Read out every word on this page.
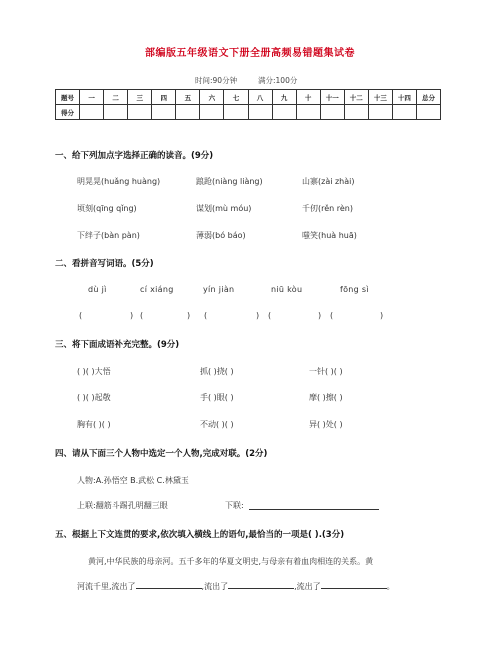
部编版五年级语文下册全册高频易错题集试卷
时间:90分钟	满分:100分
题号	一	二	三	四	五	六	七	八	九	十	十一	十二	十三	十四	总分
得分															
一、给下列加点字选择正确的读音。(9分)
明晃晃(huǎng huàng)	踉跄(niàng liàng)	山寨(zài zhài)
顷刻(qīng qǐng)	谋划(mù móu)	千仞(rěn rèn)
下绊子(bàn pàn)	薄弱(bó báo)	嗤笑(huà huā)
二、看拼音写词语。(5分)
dù jì	cí xiáng	yín jiàn	niū kòu	fōng sì
(	) (	) (	) (	) (	)
三、将下面成语补充完整。(9分)
( )( )大悟	抓( )挠( )	一针( )( )
( )( )起敬	手( )眼( )	摩( )擦( )
胸有( )( )	不动( )( )	异( )处( )
四、请从下面三个人物中选定一个人物,完成对联。(2分)
人物:A.孙悟空 B.武松 C.林黛玉
上联:翻筋斗踢孔明翻三眼	下联:
五、根据上下文连贯的要求,依次填入横线上的语句,最恰当的一项是( ).(3分)
黄河,中华民族的母亲河。五千多年的华夏文明史,与母亲有着血肉相连的关系。黄
河流千里,流出了	,流出了	,流出了	。
